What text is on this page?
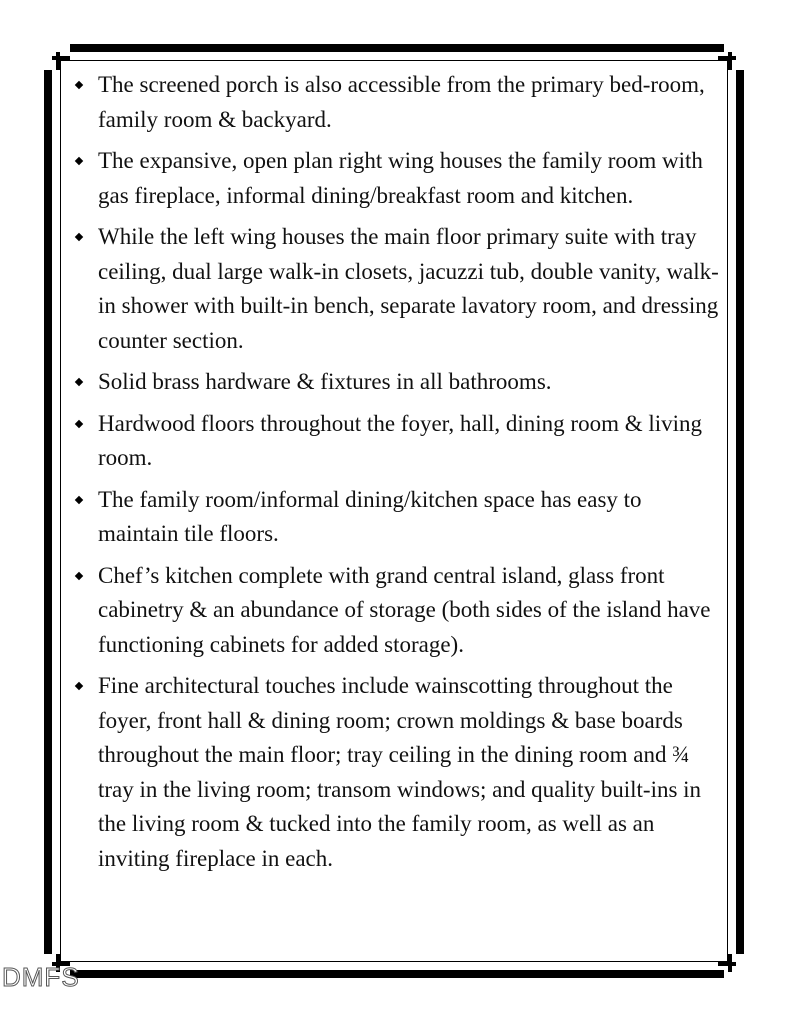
The screened porch is also accessible from the primary bed-room, family room & backyard.
The expansive, open plan right wing houses the family room with gas fireplace, informal dining/breakfast room and kitchen.
While the left wing houses the main floor primary suite with tray ceiling, dual large walk-in closets, jacuzzi tub, double vanity, walk-in shower with built-in bench, separate lavatory room, and dressing counter section.
Solid brass hardware & fixtures in all bathrooms.
Hardwood floors throughout the foyer, hall, dining room & living room.
The family room/informal dining/kitchen space has easy to maintain tile floors.
Chef’s kitchen complete with grand central island, glass front cabinetry & an abundance of storage (both sides of the island have functioning cabinets for added storage).
Fine architectural touches include wainscotting throughout the foyer, front hall & dining room; crown moldings & base boards throughout the main floor; tray ceiling in the dining room and ¾ tray in the living room; transom windows; and quality built-ins in the living room & tucked into the family room, as well as an inviting fireplace in each.
DMFS
